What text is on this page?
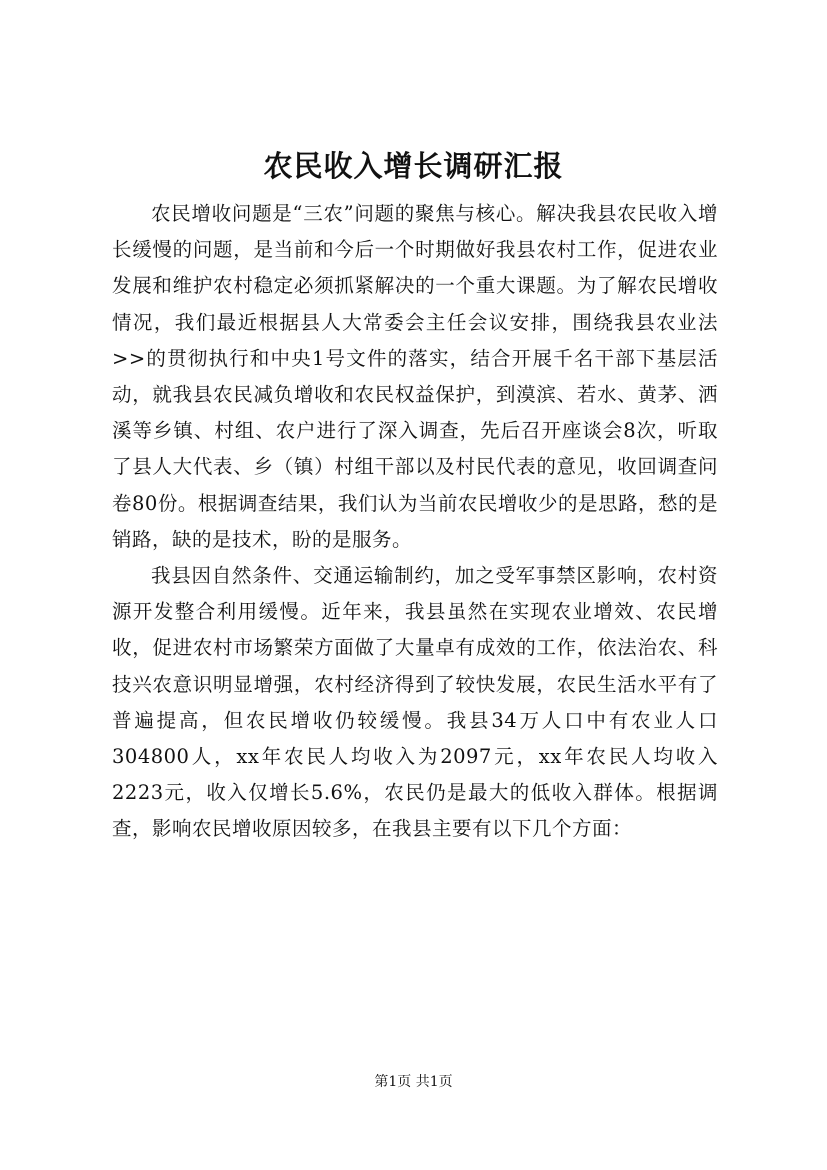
农民收入增长调研汇报

农民增收问题是“三农”问题的聚焦与核心。解决我县农民收入增长缓慢的问题，是当前和今后一个时期做好我县农村工作，促进农业发展和维护农村稳定必须抓紧解决的一个重大课题。为了解农民增收情况，我们最近根据县人大常委会主任会议安排，围绕我县农业法>>的贯彻执行和中央1号文件的落实，结合开展千名干部下基层活动，就我县农民减负增收和农民权益保护，到漠滨、若水、黄茅、洒溪等乡镇、村组、农户进行了深入调查，先后召开座谈会8次，听取了县人大代表、乡（镇）村组干部以及村民代表的意见，收回调查问卷80份。根据调查结果，我们认为当前农民增收少的是思路，愁的是销路，缺的是技术，盼的是服务。

我县因自然条件、交通运输制约，加之受军事禁区影响，农村资源开发整合利用缓慢。近年来，我县虽然在实现农业增效、农民增收，促进农村市场繁荣方面做了大量卓有成效的工作，依法治农、科技兴农意识明显增强，农村经济得到了较快发展，农民生活水平有了普遍提高，但农民增收仍较缓慢。我县34万人口中有农业人口304800人，xx年农民人均收入为2097元，xx年农民人均收入2223元，收入仅增长5.6%，农民仍是最大的低收入群体。根据调查，影响农民增收原因较多，在我县主要有以下几个方面：

第1页 共1页
